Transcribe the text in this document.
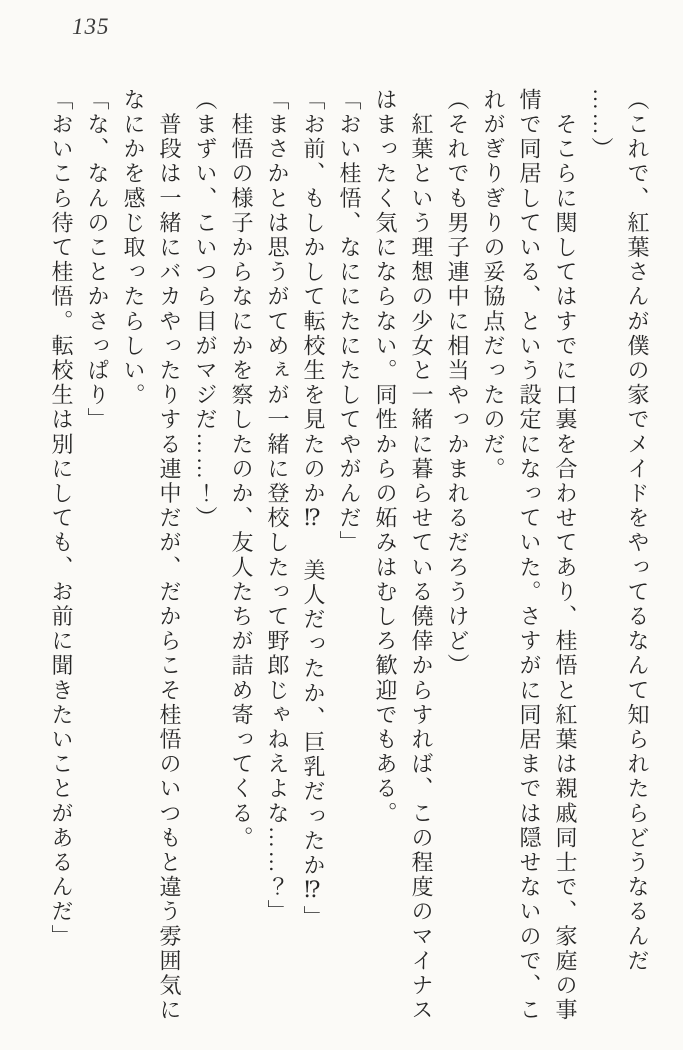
135

（これで、紅葉さんが僕の家でメイドをやってるなんて知られたらどうなるんだ

……）

　そこらに関してはすでに口裏を合わせてあり、桂悟と紅葉は親戚同士で、家庭の事

情で同居している、という設定になっていた。さすがに同居までは隠せないので、こ

れがぎりぎりの妥協点だったのだ。

（それでも男子連中に相当やっかまれるだろうけど）

　紅葉という理想の少女と一緒に暮らせている僥倖からすれば、この程度のマイナス

はまったく気にならない。同性からの妬みはむしろ歓迎でもある。

「おい桂悟、なににたにたしてやがんだ」

「お前、もしかして転校生を見たのか⁉　美人だったか、巨乳だったか⁉」

「まさかとは思うがてめぇが一緒に登校したって野郎じゃねえよな……？」

　桂悟の様子からなにかを察したのか、友人たちが詰め寄ってくる。

（まずい、こいつら目がマジだ……！）

　普段は一緒にバカやったりする連中だが、だからこそ桂悟のいつもと違う雰囲気に

なにかを感じ取ったらしい。

「な、なんのことかさっぱり」

「おいこら待て桂悟。転校生は別にしても、お前に聞きたいことがあるんだ」
